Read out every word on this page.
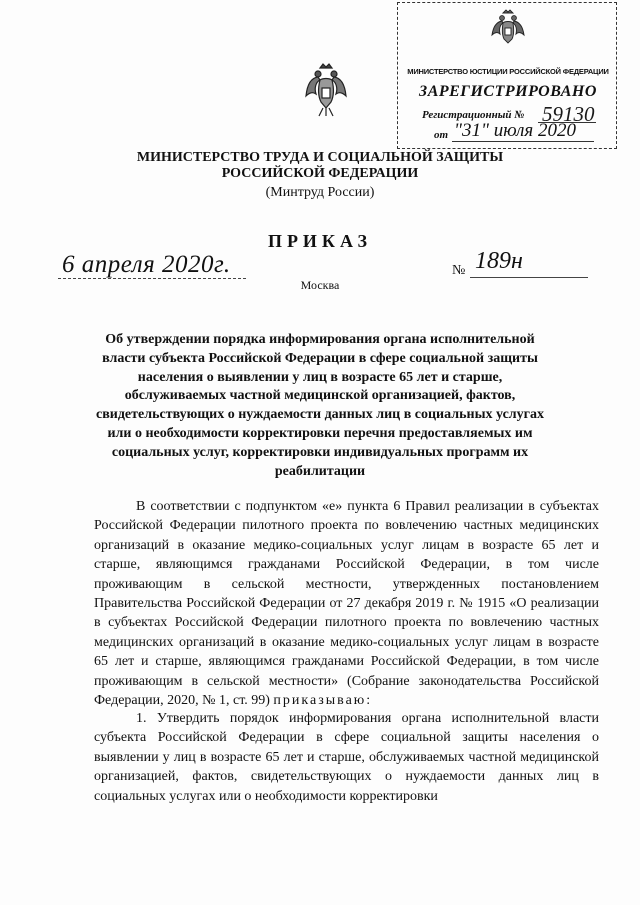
МИНИСТЕРСТВО ЮСТИЦИИ РОССИЙСКОЙ ФЕДЕРАЦИИ
ЗАРЕГИСТРИРОВАНО
Регистрационный № 59130
от "31" июля 2020
МИНИСТЕРСТВО ТРУДА И СОЦИАЛЬНОЙ ЗАЩИТЫ
РОССИЙСКОЙ ФЕДЕРАЦИИ
(Минтруд России)
ПРИКАЗ
6 апреля 2020г.	№ 189н
Москва
Об утверждении порядка информирования органа исполнительной власти субъекта Российской Федерации в сфере социальной защиты населения о выявлении у лиц в возрасте 65 лет и старше, обслуживаемых частной медицинской организацией, фактов, свидетельствующих о нуждаемости данных лиц в социальных услугах или о необходимости корректировки перечня предоставляемых им социальных услуг, корректировки индивидуальных программ их реабилитации
В соответствии с подпунктом «е» пункта 6 Правил реализации в субъектах Российской Федерации пилотного проекта по вовлечению частных медицинских организаций в оказание медико-социальных услуг лицам в возрасте 65 лет и старше, являющимся гражданами Российской Федерации, в том числе проживающим в сельской местности, утвержденных постановлением Правительства Российской Федерации от 27 декабря 2019 г. № 1915 «О реализации в субъектах Российской Федерации пилотного проекта по вовлечению частных медицинских организаций в оказание медико-социальных услуг лицам в возрасте 65 лет и старше, являющимся гражданами Российской Федерации, в том числе проживающим в сельской местности» (Собрание законодательства Российской Федерации, 2020, № 1, ст. 99) приказываю:
1. Утвердить порядок информирования органа исполнительной власти субъекта Российской Федерации в сфере социальной защиты населения о выявлении у лиц в возрасте 65 лет и старше, обслуживаемых частной медицинской организацией, фактов, свидетельствующих о нуждаемости данных лиц в социальных услугах или о необходимости корректировки
